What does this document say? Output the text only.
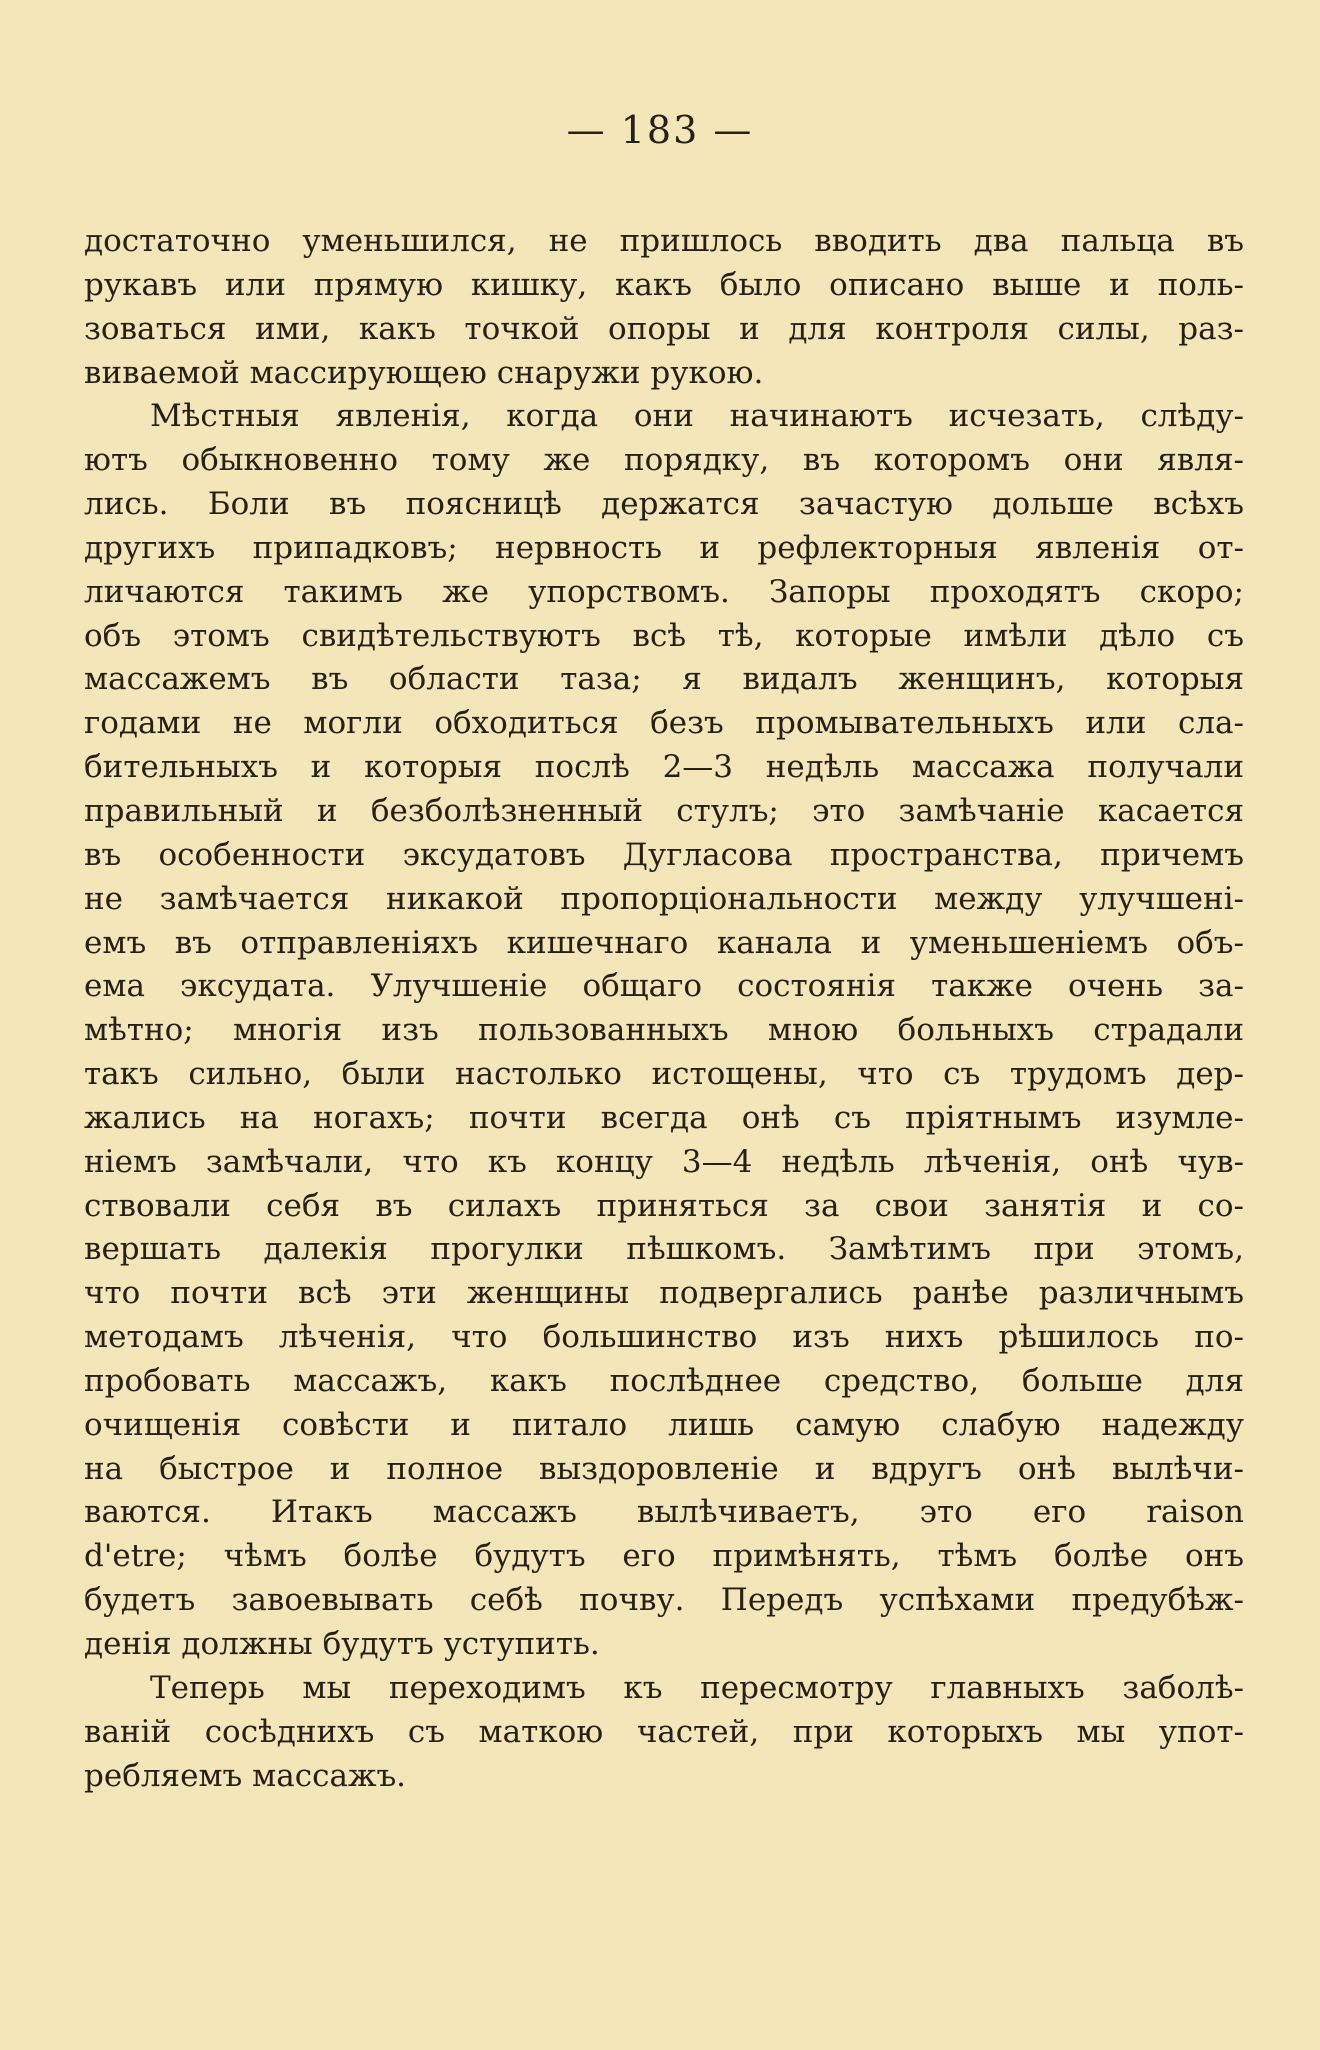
— 183 —
достаточно уменьшился, не пришлось вводить два пальца въ
рукавъ или прямую кишку, какъ было описано выше и поль-
зоваться ими, какъ точкой опоры и для контроля силы, раз-
виваемой массирующею снаружи рукою.
Мѣстныя явленія, когда они начинаютъ исчезать, слѣду-
ютъ обыкновенно тому же порядку, въ которомъ они явля-
лись. Боли въ поясницѣ держатся зачастую дольше всѣхъ
другихъ припадковъ; нервность и рефлекторныя явленія от-
личаются такимъ же упорствомъ. Запоры проходятъ скоро;
объ этомъ свидѣтельствуютъ всѣ тѣ, которые имѣли дѣло съ
массажемъ въ области таза; я видалъ женщинъ, которыя
годами не могли обходиться безъ промывательныхъ или сла-
бительныхъ и которыя послѣ 2—3 недѣль массажа получали
правильный и безболѣзненный стулъ; это замѣчаніе касается
въ особенности эксудатовъ Дугласова пространства, причемъ
не замѣчается никакой пропорціональности между улучшені-
емъ въ отправленіяхъ кишечнаго канала и уменьшеніемъ объ-
ема эксудата. Улучшеніе общаго состоянія также очень за-
мѣтно; многія изъ пользованныхъ мною больныхъ страдали
такъ сильно, были настолько истощены, что съ трудомъ дер-
жались на ногахъ; почти всегда онѣ съ пріятнымъ изумле-
ніемъ замѣчали, что къ концу 3—4 недѣль лѣченія, онѣ чув-
ствовали себя въ силахъ приняться за свои занятія и со-
вершать далекія прогулки пѣшкомъ. Замѣтимъ при этомъ,
что почти всѣ эти женщины подвергались ранѣе различнымъ
методамъ лѣченія, что большинство изъ нихъ рѣшилось по-
пробовать массажъ, какъ послѣднее средство, больше для
очищенія совѣсти и питало лишь самую слабую надежду
на быстрое и полное выздоровленіе и вдругъ онѣ вылѣчи-
ваются. Итакъ массажъ вылѣчиваетъ, это его raison
d'etre; чѣмъ болѣе будутъ его примѣнять, тѣмъ болѣе онъ
будетъ завоевывать себѣ почву. Передъ успѣхами предубѣж-
денія должны будутъ уступить.
Теперь мы переходимъ къ пересмотру главныхъ заболѣ-
ваній сосѣднихъ съ маткою частей, при которыхъ мы упот-
ребляемъ массажъ.
